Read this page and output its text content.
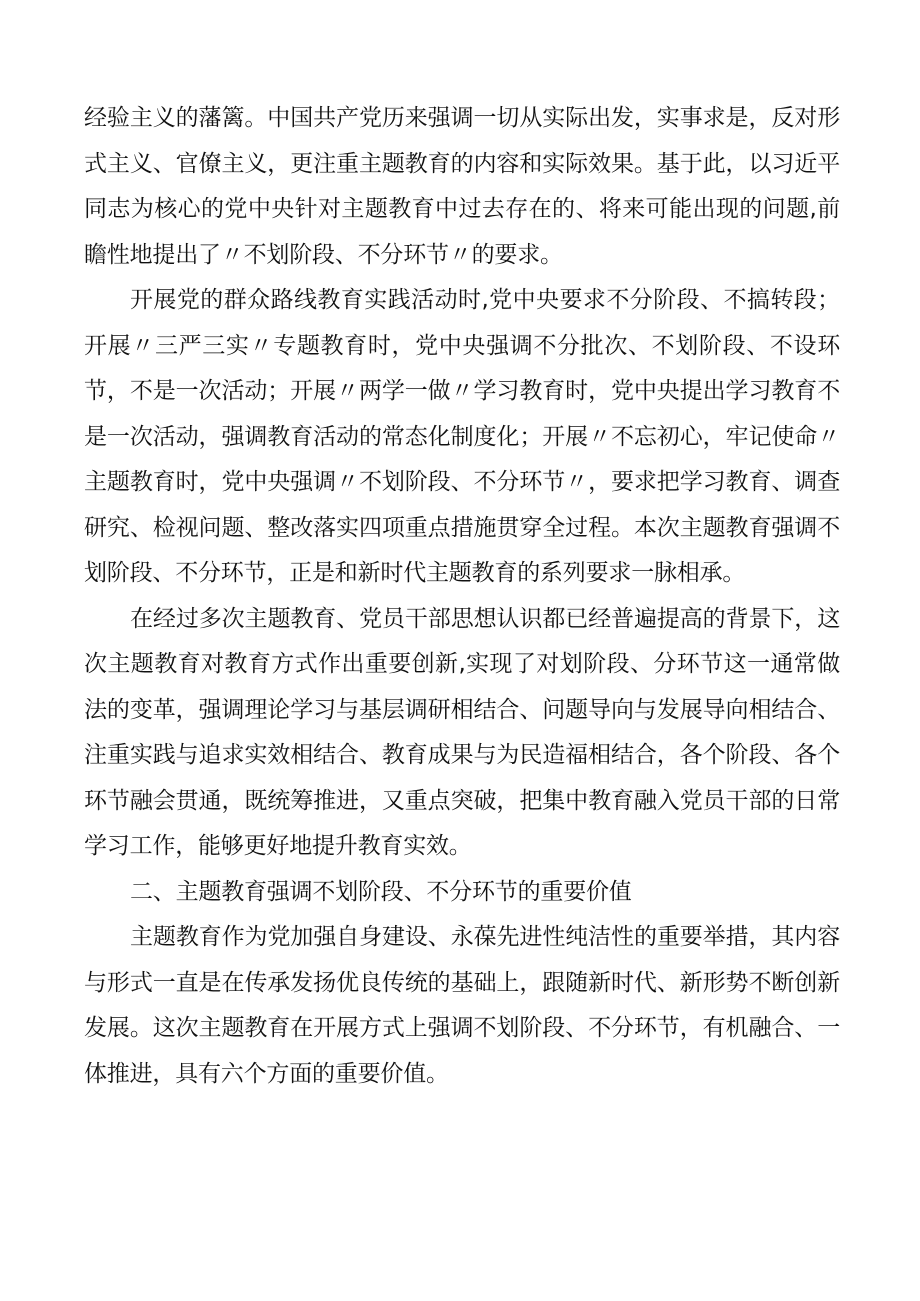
经验主义的藩篱。中国共产党历来强调一切从实际出发，实事求是，反对形式主义、官僚主义，更注重主题教育的内容和实际效果。基于此，以习近平同志为核心的党中央针对主题教育中过去存在的、将来可能出现的问题,前瞻性地提出了〃不划阶段、不分环节〃的要求。

开展党的群众路线教育实践活动时,党中央要求不分阶段、不搞转段；开展〃三严三实〃专题教育时，党中央强调不分批次、不划阶段、不设环节，不是一次活动；开展〃两学一做〃学习教育时，党中央提出学习教育不是一次活动，强调教育活动的常态化制度化；开展〃不忘初心，牢记使命〃主题教育时，党中央强调〃不划阶段、不分环节〃，要求把学习教育、调查研究、检视问题、整改落实四项重点措施贯穿全过程。本次主题教育强调不划阶段、不分环节，正是和新时代主题教育的系列要求一脉相承。

在经过多次主题教育、党员干部思想认识都已经普遍提高的背景下，这次主题教育对教育方式作出重要创新,实现了对划阶段、分环节这一通常做法的变革，强调理论学习与基层调研相结合、问题导向与发展导向相结合、注重实践与追求实效相结合、教育成果与为民造福相结合，各个阶段、各个环节融会贯通，既统筹推进，又重点突破，把集中教育融入党员干部的日常学习工作，能够更好地提升教育实效。

二、主题教育强调不划阶段、不分环节的重要价值

主题教育作为党加强自身建设、永葆先进性纯洁性的重要举措，其内容与形式一直是在传承发扬优良传统的基础上，跟随新时代、新形势不断创新发展。这次主题教育在开展方式上强调不划阶段、不分环节，有机融合、一体推进，具有六个方面的重要价值。
